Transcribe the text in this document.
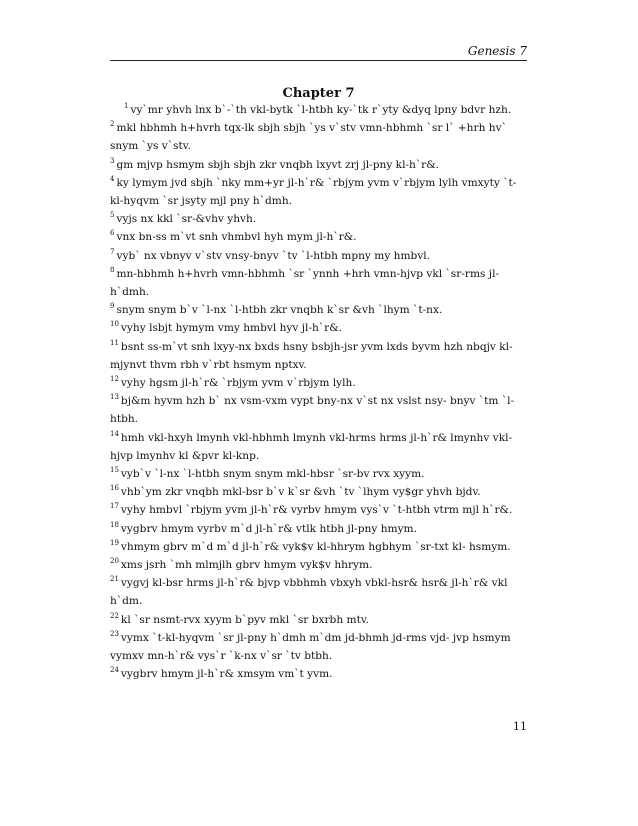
Genesis 7
Chapter 7

$^1$ vy`mr yhvh lnx b`-`th vkl-bytk `l-htbh ky-`tk r`yty &dyq lpny bdvr hzh.

$^2$ mkl hbhmh h+hvrh tqx-lk sbjh sbjh `ys v`stv vmn-hbhmh `sr l` +hrh hv` snym `ys v`stv.

$^3$ gm mjvp hsmym sbjh sbjh zkr vnqbh lxyvt zrj jl-pny kl-h`r&.

$^4$ ky lymym jvd sbjh `nky mm+yr jl-h`r& `rbjym yvm v`rbjym lylh vmxyty `t-kl-hyqvm `sr jsyty mjl pny h`dmh.

$^5$ vyjs nx kkl `sr-&vhv yhvh.

$^6$ vnx bn-ss m`vt snh vhmbvl hyh mym jl-h`r&.

$^7$ vyb` nx vbnyv v`stv vnsy-bnyv `tv `l-htbh mpny my hmbvl.

$^8$ mn-hbhmh h+hvrh vmn-hbhmh `sr `ynnh +hrh vmn-hjvp vkl `sr-rms jl-h`dmh.

$^9$ snym snym b`v `l-nx `l-htbh zkr vnqbh k`sr &vh `lhym `t-nx.

$^{10}$ vyhy lsbjt hymym vmy hmbvl hyv jl-h`r&.

$^{11}$ bsnt ss-m`vt snh lxyy-nx bxds hsny bsbjh-jsr yvm lxds byvm hzh nbqjv kl-mjynvt thvm rbh v`rbt hsmym nptxv.

$^{12}$ vyhy hgsm jl-h`r& `rbjym yvm v`rbjym lylh.

$^{13}$ bj&m hyvm hzh b` nx vsm-vxm vypt bny-nx v`st nx vslst nsy- bnyv `tm `l-htbh.

$^{14}$ hmh vkl-hxyh lmynh vkl-hbhmh lmynh vkl-hrms hrms jl-h`r& lmynhv vkl-hjvp lmynhv kl &pvr kl-knp.

$^{15}$ vyb`v `l-nx `l-htbh snym snym mkl-hbsr `sr-bv rvx xyym.

$^{16}$ vhb`ym zkr vnqbh mkl-bsr b`v k`sr &vh `tv `lhym vy$gr yhvh bjdv.

$^{17}$ vyhy hmbvl `rbjym yvm jl-h`r& vyrbv hmym vys`v `t-htbh vtrm mjl h`r&.

$^{18}$ vygbrv hmym vyrbv m`d jl-h`r& vtlk htbh jl-pny hmym.

$^{19}$ vhmym gbrv m`d m`d jl-h`r& vyk$v kl-hhrym hgbhym `sr-txt kl- hsmym.

$^{20}$ xms jsrh `mh mlmjlh gbrv hmym vyk$v hhrym.

$^{21}$ vygvj kl-bsr hrms jl-h`r& bjvp vbbhmh vbxyh vbkl-hsr& hsr& jl-h`r& vkl h`dm.

$^{22}$ kl `sr nsmt-rvx xyym b`pyv mkl `sr bxrbh mtv.

$^{23}$ vymx `t-kl-hyqvm `sr jl-pny h`dmh m`dm jd-bhmh jd-rms vjd- jvp hsmym vymxv mn-h`r& vys`r `k-nx v`sr `tv btbh.

$^{24}$ vygbrv hmym jl-h`r& xmsym vm`t yvm.

11
